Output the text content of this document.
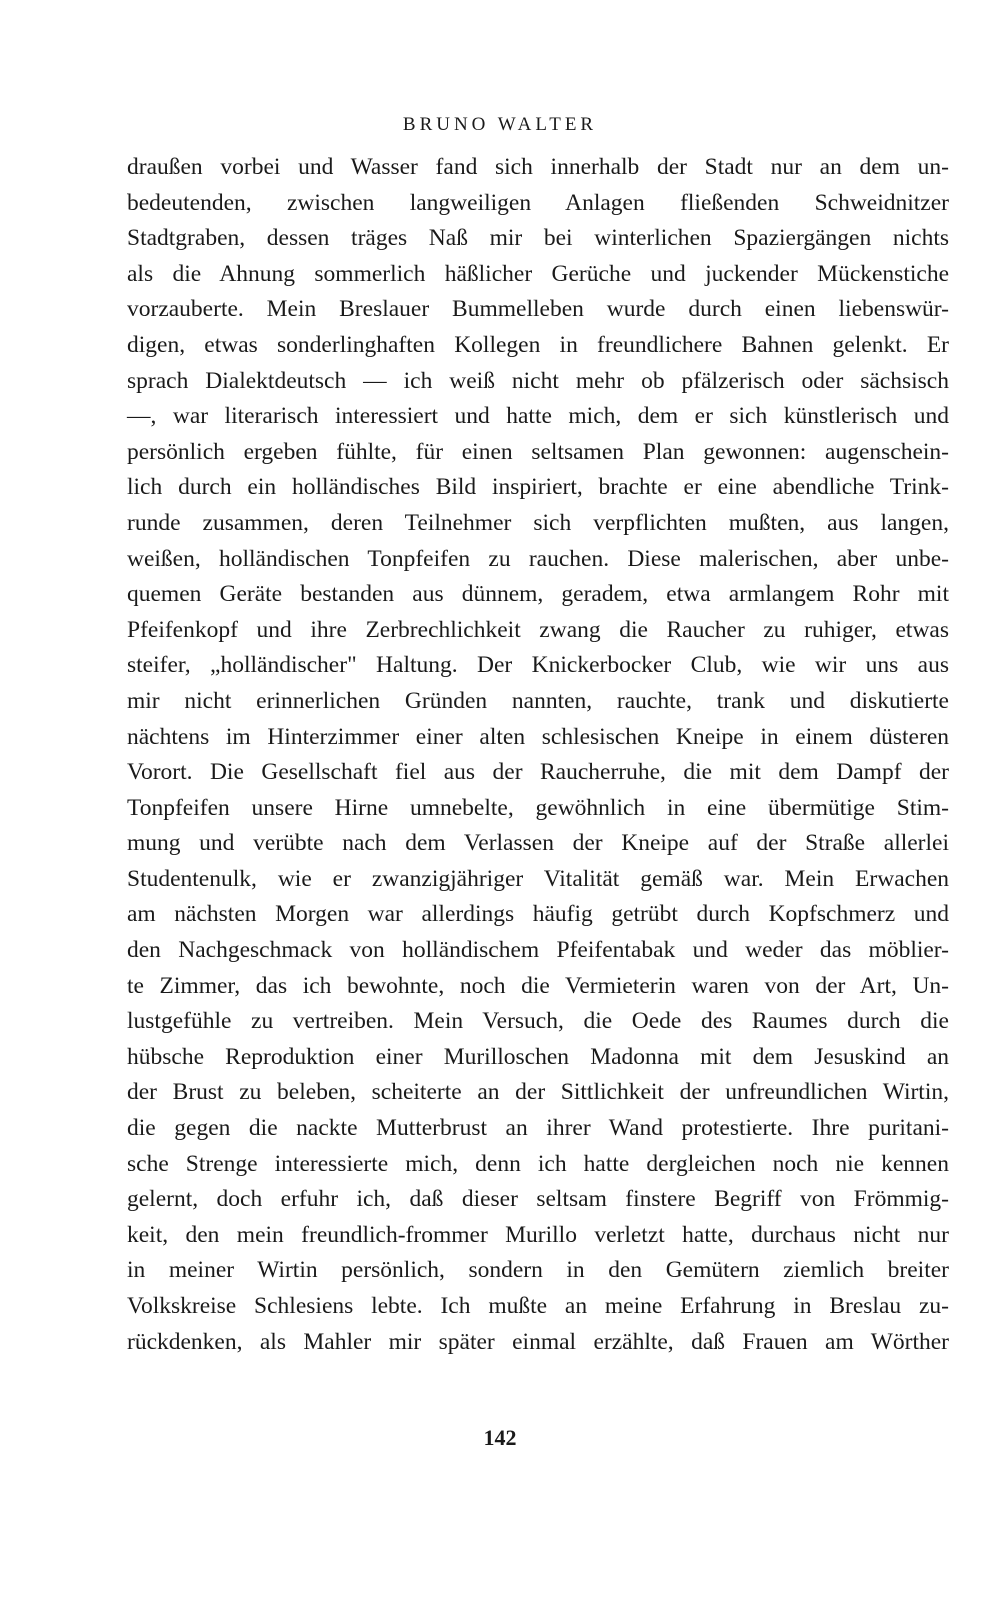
BRUNO WALTER
draußen vorbei und Wasser fand sich innerhalb der Stadt nur an dem un-
bedeutenden, zwischen langweiligen Anlagen fließenden Schweidnitzer
Stadtgraben, dessen träges Naß mir bei winterlichen Spaziergängen nichts
als die Ahnung sommerlich häßlicher Gerüche und juckender Mückenstiche
vorzauberte. Mein Breslauer Bummelleben wurde durch einen liebenswür-
digen, etwas sonderlinghaften Kollegen in freundlichere Bahnen gelenkt. Er
sprach Dialektdeutsch — ich weiß nicht mehr ob pfälzerisch oder sächsisch
—, war literarisch interessiert und hatte mich, dem er sich künstlerisch und
persönlich ergeben fühlte, für einen seltsamen Plan gewonnen: augenschein-
lich durch ein holländisches Bild inspiriert, brachte er eine abendliche Trink-
runde zusammen, deren Teilnehmer sich verpflichten mußten, aus langen,
weißen, holländischen Tonpfeifen zu rauchen. Diese malerischen, aber unbe-
quemen Geräte bestanden aus dünnem, geradem, etwa armlangem Rohr mit
Pfeifenkopf und ihre Zerbrechlichkeit zwang die Raucher zu ruhiger, etwas
steifer, „holländischer" Haltung. Der Knickerbocker Club, wie wir uns aus
mir nicht erinnerlichen Gründen nannten, rauchte, trank und diskutierte
nächtens im Hinterzimmer einer alten schlesischen Kneipe in einem düsteren
Vorort. Die Gesellschaft fiel aus der Raucherruhe, die mit dem Dampf der
Tonpfeifen unsere Hirne umnebelte, gewöhnlich in eine übermütige Stim-
mung und verübte nach dem Verlassen der Kneipe auf der Straße allerlei
Studentenulk, wie er zwanzigjähriger Vitalität gemäß war. Mein Erwachen
am nächsten Morgen war allerdings häufig getrübt durch Kopfschmerz und
den Nachgeschmack von holländischem Pfeifentabak und weder das möblier-
te Zimmer, das ich bewohnte, noch die Vermieterin waren von der Art, Un-
lustgefühle zu vertreiben. Mein Versuch, die Oede des Raumes durch die
hübsche Reproduktion einer Murilloschen Madonna mit dem Jesuskind an
der Brust zu beleben, scheiterte an der Sittlichkeit der unfreundlichen Wirtin,
die gegen die nackte Mutterbrust an ihrer Wand protestierte. Ihre puritani-
sche Strenge interessierte mich, denn ich hatte dergleichen noch nie kennen
gelernt, doch erfuhr ich, daß dieser seltsam finstere Begriff von Frömmig-
keit, den mein freundlich-frommer Murillo verletzt hatte, durchaus nicht nur
in meiner Wirtin persönlich, sondern in den Gemütern ziemlich breiter
Volkskreise Schlesiens lebte. Ich mußte an meine Erfahrung in Breslau zu-
rückdenken, als Mahler mir später einmal erzählte, daß Frauen am Wörther
142
